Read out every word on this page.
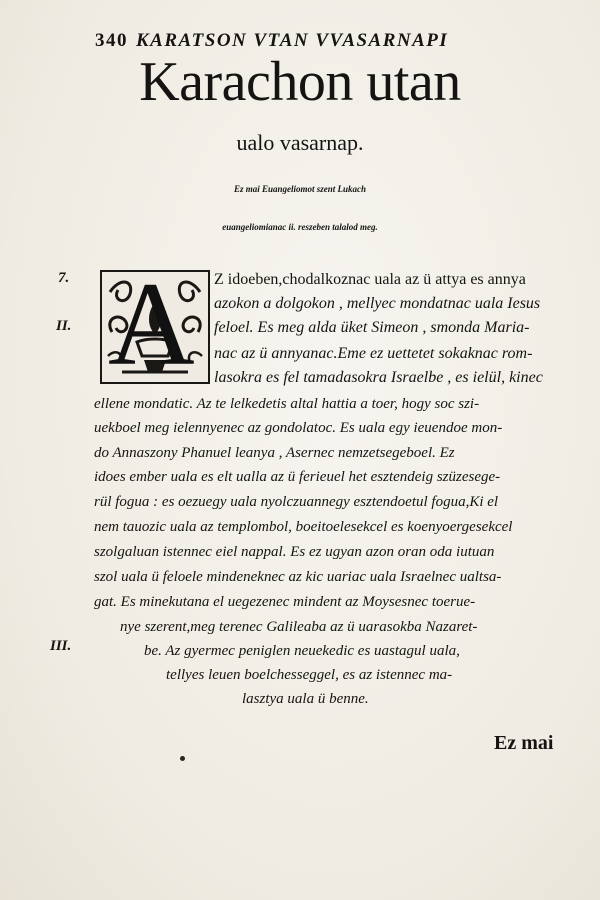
340 KARATSON VTAN VVASARNAPI
Karachon utan
ualo vasarnap.
Ez mai Euangeliomot szent Lukach
euangeliomianac ii. reszeben talalod meg.
7.
II.
III.
A Z idoeben,chodalkoznac uala az ü attya es annya
azokon a dolgokon , mellyec mondatnac uala Iesus
feloel. Es meg alda üket Simeon , smonda Maria-
nac az ü annyanac.Eme ez uettetet sokaknac rom-
lasokra es fel tamadasokra Israelbe , es ielül, kinec
ellene mondatic. Az te lelkedetis altal hattia a toer, hogy soc szi-
uekboel meg ielennyenec az gondolatoc. Es uala egy ieuendoe mon-
do Annaszony Phanuel leanya , Asernec nemzetsegeboel. Ez
idoes ember uala es elt ualla az ü ferieuel het esztendeig szüzesege-
rül fogua : es oezuegy uala nyolczuannegy esztendoetul fogua,Ki el
nem tauozic uala az templombol, boeitoelesekcel es koenyoergesekcel
szolgaluan istennec eiel nappal. Es ez ugyan azon oran oda iutuan
szol uala ü feloele mindeneknec az kic uariac uala Israelnec ualtsa-
gat. Es minekutana el uegezenec mindent az Moysesnec toerue-
nye szerent,meg terenec Galileaba az ü uarasokba Nazaret-
be. Az gyermec peniglen neuekedic es uastagul uala,
tellyes leuen boelchesseggel, es az istennec ma-
lasztya uala ü benne.
Ez mai
